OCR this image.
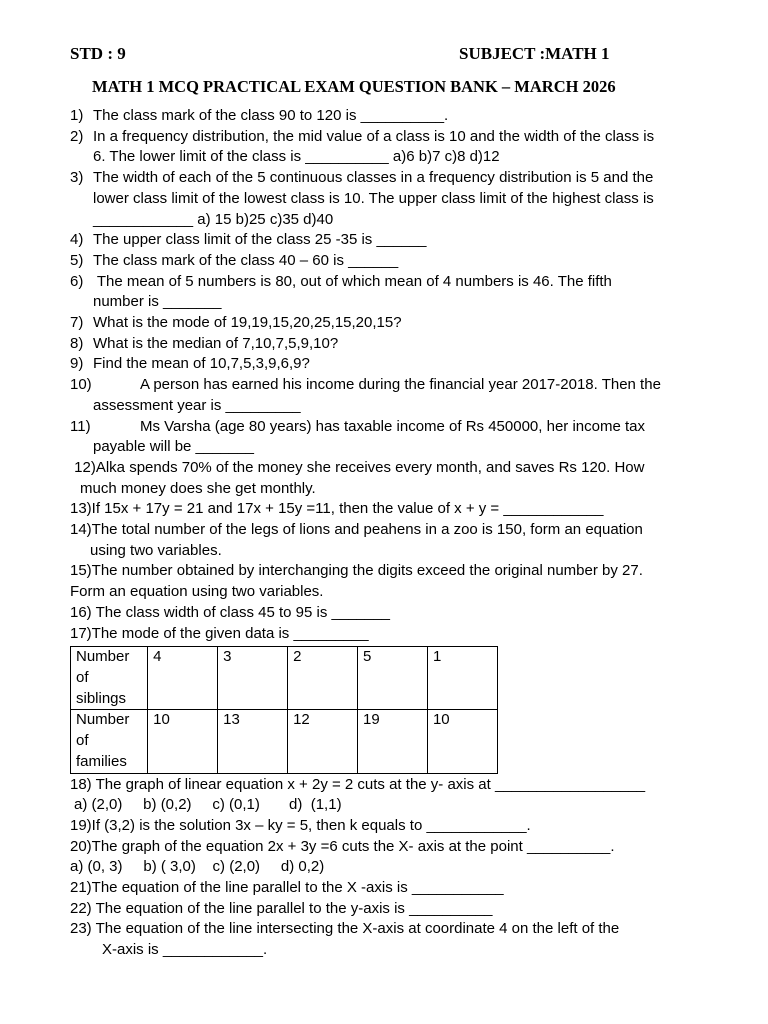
STD : 9	SUBJECT :MATH 1
MATH 1 MCQ PRACTICAL EXAM QUESTION BANK – MARCH 2026
1) The class mark of the class 90 to 120 is __________.
2) In a frequency distribution, the mid value of a class is 10 and the width of the class is
6. The lower limit of the class is __________ a)6 b)7 c)8 d)12
3) The width of each of the 5 continuous classes in a frequency distribution is 5 and the
lower class limit of the lowest class is 10. The upper class limit of the highest class is
____________ a) 15 b)25 c)35 d)40
4) The upper class limit of the class 25 -35 is ______
5) The class mark of the class 40 – 60 is ______
6) The mean of 5 numbers is 80, out of which mean of 4 numbers is 46. The fifth
number is _______
7) What is the mode of 19,19,15,20,25,15,20,15?
8) What is the median of 7,10,7,5,9,10?
9) Find the mean of 10,7,5,3,9,6,9?
10)	A person has earned his income during the financial year 2017-2018. Then the
assessment year is _________
11)	Ms Varsha (age 80 years) has taxable income of Rs 450000, her income tax
payable will be _______
12)Alka spends 70% of the money she receives every month, and saves Rs 120. How
much money does she get monthly.
13)If 15x + 17y = 21 and 17x + 15y =11, then the value of x + y = ____________
14)The total number of the legs of lions and peahens in a zoo is 150, form an equation
using two variables.
15)The number obtained by interchanging the digits exceed the original number by 27.
Form an equation using two variables.
16) The class width of class 45 to 95 is _______
17)The mode of the given data is _________
Number
of
siblings	4	3	2	5	1

Number
of
families	10	13	12	19	10
18) The graph of linear equation x + 2y = 2 cuts at the y- axis at __________________
a) (2,0)     b) (0,2)     c) (0,1)       d)  (1,1)
19)If (3,2) is the solution 3x – ky = 5, then k equals to ____________.
20)The graph of the equation 2x + 3y =6 cuts the X- axis at the point __________.
a) (0, 3)     b) ( 3,0)    c) (2,0)     d) 0,2)
21)The equation of the line parallel to the X -axis is ___________
22) The equation of the line parallel to the y-axis is __________
23) The equation of the line intersecting the X-axis at coordinate 4 on the left of the
X-axis is ____________.
